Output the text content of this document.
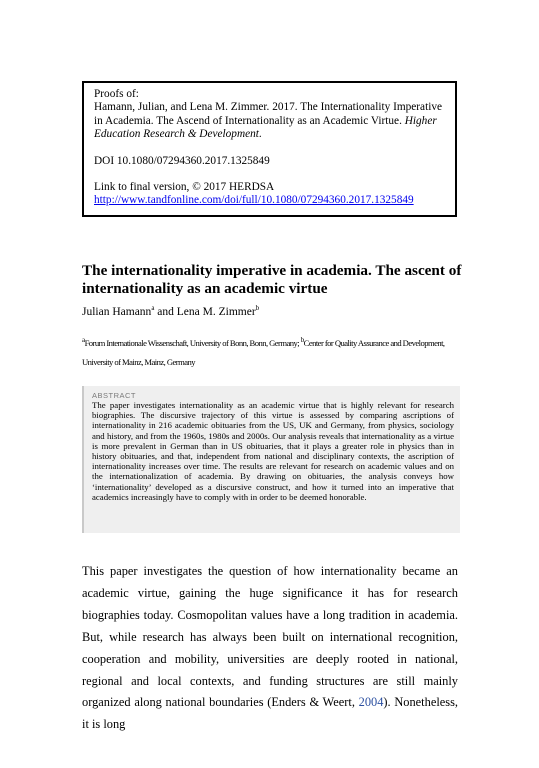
Proofs of:
Hamann, Julian, and Lena M. Zimmer. 2017. The Internationality Imperative in Academia. The Ascend of Internationality as an Academic Virtue. Higher Education Research & Development.
DOI 10.1080/07294360.2017.1325849
Link to final version, © 2017 HERDSA
http://www.tandfonline.com/doi/full/10.1080/07294360.2017.1325849
The internationality imperative in academia. The ascent of internationality as an academic virtue
Julian Hamann$^a$ and Lena M. Zimmer$^b$
$^a$Forum Internationale Wissenschaft, University of Bonn, Bonn, Germany; $^b$Center for Quality Assurance and Development, University of Mainz, Mainz, Germany
ABSTRACT
The paper investigates internationality as an academic virtue that is highly relevant for research biographies. The discursive trajectory of this virtue is assessed by comparing ascriptions of internationality in 216 academic obituaries from the US, UK and Germany, from physics, sociology and history, and from the 1960s, 1980s and 2000s. Our analysis reveals that internationality as a virtue is more prevalent in German than in US obituaries, that it plays a greater role in physics than in history obituaries, and that, independent from national and disciplinary contexts, the ascription of internationality increases over time. The results are relevant for research on academic values and on the internationalization of academia. By drawing on obituaries, the analysis conveys how ‘internationality’ developed as a discursive construct, and how it turned into an imperative that academics increasingly have to comply with in order to be deemed honorable.
This paper investigates the question of how internationality became an academic virtue, gaining the huge significance it has for research biographies today. Cosmopolitan values have a long tradition in academia. But, while research has always been built on international recognition, cooperation and mobility, universities are deeply rooted in national, regional and local contexts, and funding structures are still mainly organized along national boundaries (Enders & Weert, 2004). Nonetheless, it is long
